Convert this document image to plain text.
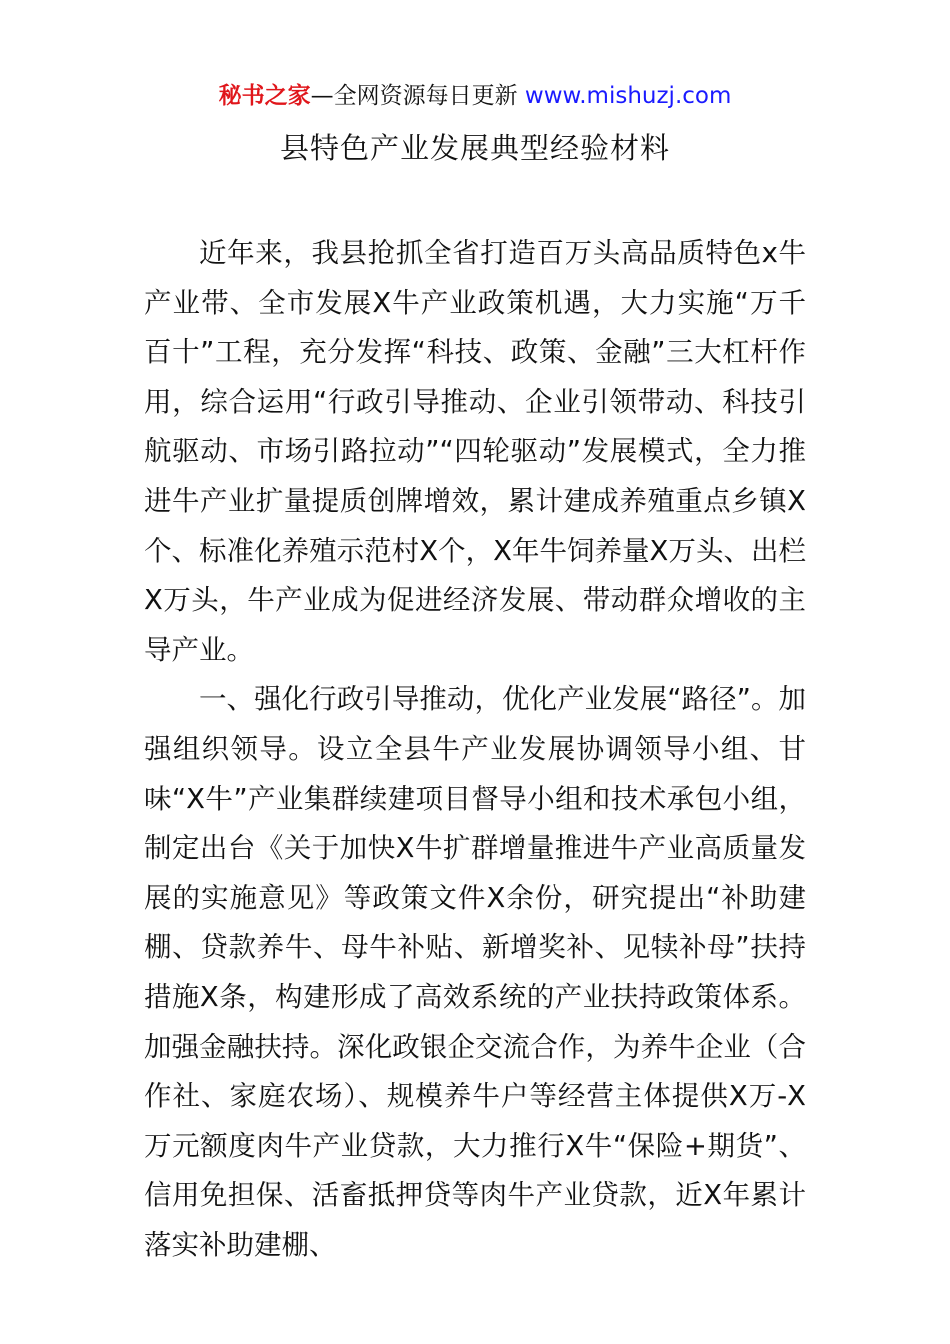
秘书之家—全网资源每日更新 www.mishuzj.com
县特色产业发展典型经验材料

近年来，我县抢抓全省打造百万头高品质特色x牛产业带、全市发展X牛产业政策机遇，大力实施“万千百十”工程，充分发挥“科技、政策、金融”三大杠杆作用，综合运用“行政引导推动、企业引领带动、科技引航驱动、市场引路拉动”“四轮驱动”发展模式，全力推进牛产业扩量提质创牌增效，累计建成养殖重点乡镇X个、标准化养殖示范村X个，X年牛饲养量X万头、出栏X万头，牛产业成为促进经济发展、带动群众增收的主导产业。

一、强化行政引导推动，优化产业发展“路径”。加强组织领导。设立全县牛产业发展协调领导小组、甘味“X牛”产业集群续建项目督导小组和技术承包小组，制定出台《关于加快X牛扩群增量推进牛产业高质量发展的实施意见》等政策文件X余份，研究提出“补助建棚、贷款养牛、母牛补贴、新增奖补、见犊补母”扶持措施X条，构建形成了高效系统的产业扶持政策体系。加强金融扶持。深化政银企交流合作，为养牛企业（合作社、家庭农场）、规模养牛户等经营主体提供X万-X万元额度肉牛产业贷款，大力推行X牛“保险+期货”、信用免担保、活畜抵押贷等肉牛产业贷款，近X年累计落实补助建棚、
